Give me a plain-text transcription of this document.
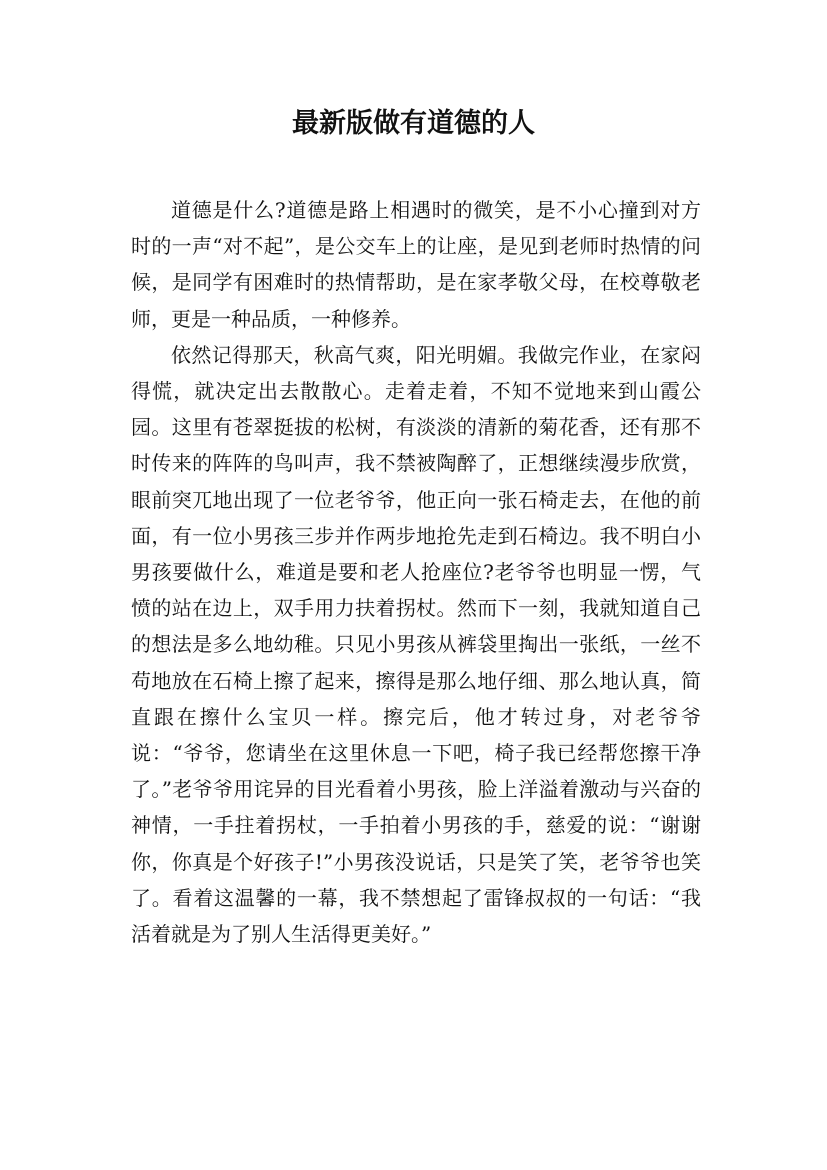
最新版做有道德的人

道德是什么?道德是路上相遇时的微笑，是不小心撞到对方时的一声“对不起”，是公交车上的让座，是见到老师时热情的问候，是同学有困难时的热情帮助，是在家孝敬父母，在校尊敬老师，更是一种品质，一种修养。

依然记得那天，秋高气爽，阳光明媚。我做完作业，在家闷得慌，就决定出去散散心。走着走着，不知不觉地来到山霞公园。这里有苍翠挺拔的松树，有淡淡的清新的菊花香，还有那不时传来的阵阵的鸟叫声，我不禁被陶醉了，正想继续漫步欣赏，眼前突兀地出现了一位老爷爷，他正向一张石椅走去，在他的前面，有一位小男孩三步并作两步地抢先走到石椅边。我不明白小男孩要做什么，难道是要和老人抢座位?老爷爷也明显一愣，气愤的站在边上，双手用力扶着拐杖。然而下一刻，我就知道自己的想法是多么地幼稚。只见小男孩从裤袋里掏出一张纸，一丝不苟地放在石椅上擦了起来，擦得是那么地仔细、那么地认真，简直跟在擦什么宝贝一样。擦完后，他才转过身，对老爷爷说：“爷爷，您请坐在这里休息一下吧，椅子我已经帮您擦干净了。”老爷爷用诧异的目光看着小男孩，脸上洋溢着激动与兴奋的神情，一手拄着拐杖，一手拍着小男孩的手，慈爱的说：“谢谢你，你真是个好孩子!”小男孩没说话，只是笑了笑，老爷爷也笑了。看着这温馨的一幕，我不禁想起了雷锋叔叔的一句话：“我活着就是为了别人生活得更美好。”
